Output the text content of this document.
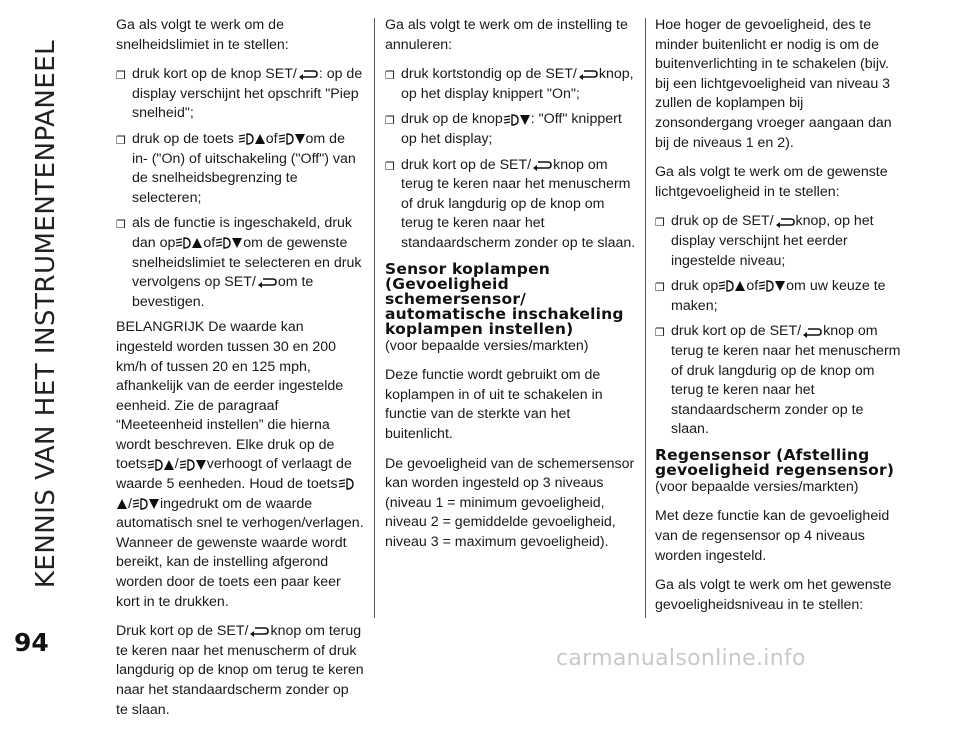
KENNIS VAN HET INSTRUMENTENPANEEL
94

Ga als volgt te werk om de snelheidslimiet in te stellen:

❒ druk kort op de knop SET/ : op de display verschijnt het opschrift "Piep snelheid";
❒ druk op de toets of om de in- ("On) of uitschakeling ("Off") van de snelheidsbegrenzing te selecteren;
❒ als de functie is ingeschakeld, druk dan op of om de gewenste snelheidslimiet te selecteren en druk vervolgens op SET/ om te bevestigen.

BELANGRIJK De waarde kan ingesteld worden tussen 30 en 200 km/h of tussen 20 en 125 mph, afhankelijk van de eerder ingestelde eenheid. Zie de paragraaf “Meeteenheid instellen” die hierna wordt beschreven. Elke druk op de toets / verhoogt of verlaagt de waarde 5 eenheden. Houd de toets/ ingedrukt om de waarde automatisch snel te verhogen/verlagen. Wanneer de gewenste waarde wordt bereikt, kan de instelling afgerond worden door de toets een paar keer kort in te drukken.

Druk kort op de SET/ knop om terug te keren naar het menuscherm of druk langdurig op de knop om terug te keren naar het standaardscherm zonder op te slaan.

Ga als volgt te werk om de instelling te annuleren:

❒ druk kortstondig op de SET/ knop, op het display knippert "On";
❒ druk op de knop : "Off" knippert op het display;
❒ druk kort op de SET/ knop om terug te keren naar het menuscherm of druk langdurig op de knop om terug te keren naar het standaardscherm zonder op te slaan.
Sensor koplampen (Gevoeligheid schemersensor/ automatische inschakeling koplampen instellen)

(voor bepaalde versies/markten)

Deze functie wordt gebruikt om de koplampen in of uit te schakelen in functie van de sterkte van het buitenlicht.

De gevoeligheid van de schemersensor kan worden ingesteld op 3 niveaus (niveau 1 = minimum gevoeligheid, niveau 2 = gemiddelde gevoeligheid, niveau 3 = maximum gevoeligheid).

Hoe hoger de gevoeligheid, des te minder buitenlicht er nodig is om de buitenverlichting in te schakelen (bijv. bij een lichtgevoeligheid van niveau 3 zullen de koplampen bij zonsondergang vroeger aangaan dan bij de niveaus 1 en 2).

Ga als volgt te werk om de gewenste lichtgevoeligheid in te stellen:

❒ druk op de SET/ knop, op het display verschijnt het eerder ingestelde niveau;
❒ druk op of om uw keuze te maken;
❒ druk kort op de SET/ knop om terug te keren naar het menuscherm of druk langdurig op de knop om terug te keren naar het standaardscherm zonder op te slaan.
Regensensor (Afstelling gevoeligheid regensensor)

(voor bepaalde versies/markten)

Met deze functie kan de gevoeligheid van de regensensor op 4 niveaus worden ingesteld.

Ga als volgt te werk om het gewenste gevoeligheidsniveau in te stellen:

carmanualsonline.info
